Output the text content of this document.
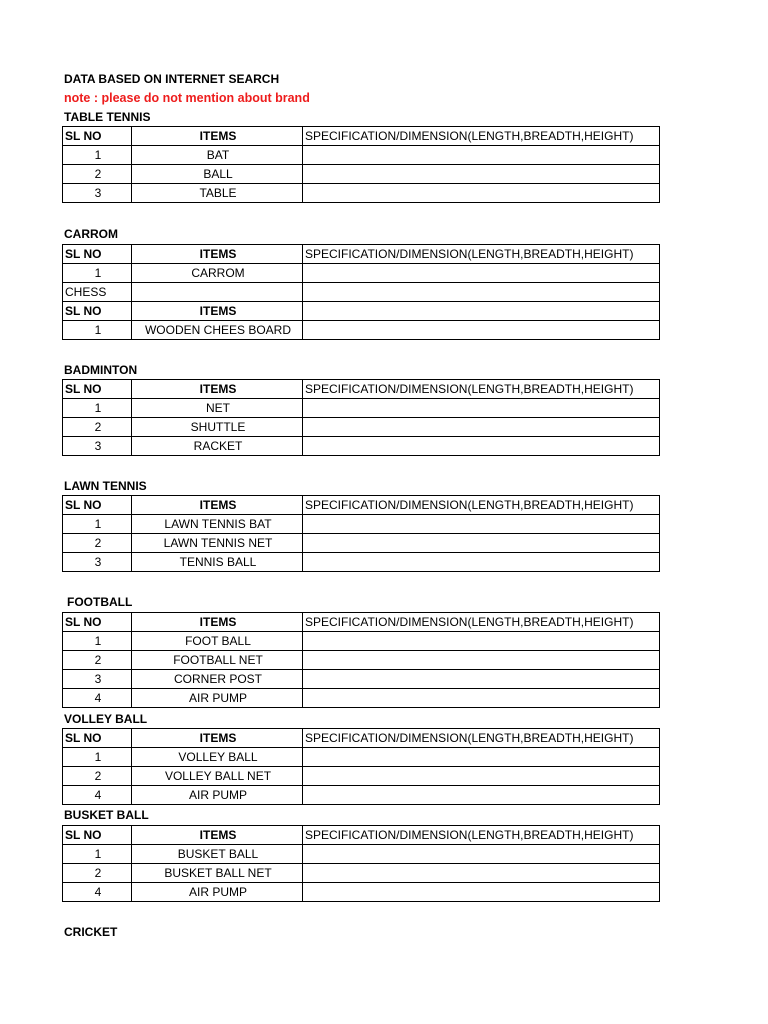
DATA BASED ON INTERNET SEARCH
note : please do not mention about brand
CRICKET
TABLE TENNIS
SL NO	ITEMS	SPECIFICATION/DIMENSION(LENGTH,BREADTH,HEIGHT)
1	BAT	
2	BALL	
3	TABLE	
CARROM
SL NO	ITEMS	SPECIFICATION/DIMENSION(LENGTH,BREADTH,HEIGHT)
1	CARROM	
CHESS		
SL NO	ITEMS	
1	WOODEN CHEES BOARD	
BADMINTON
SL NO	ITEMS	SPECIFICATION/DIMENSION(LENGTH,BREADTH,HEIGHT)
1	NET	
2	SHUTTLE	
3	RACKET	
LAWN TENNIS
SL NO	ITEMS	SPECIFICATION/DIMENSION(LENGTH,BREADTH,HEIGHT)
1	LAWN TENNIS BAT	
2	LAWN TENNIS NET	
3	TENNIS BALL	
FOOTBALL
SL NO	ITEMS	SPECIFICATION/DIMENSION(LENGTH,BREADTH,HEIGHT)
1	FOOT BALL	
2	FOOTBALL NET	
3	CORNER POST	
4	AIR PUMP	
VOLLEY BALL
SL NO	ITEMS	SPECIFICATION/DIMENSION(LENGTH,BREADTH,HEIGHT)
1	VOLLEY BALL	
2	VOLLEY BALL NET	
4	AIR PUMP	
BUSKET BALL
SL NO	ITEMS	SPECIFICATION/DIMENSION(LENGTH,BREADTH,HEIGHT)
1	BUSKET BALL	
2	BUSKET BALL NET	
4	AIR PUMP	
